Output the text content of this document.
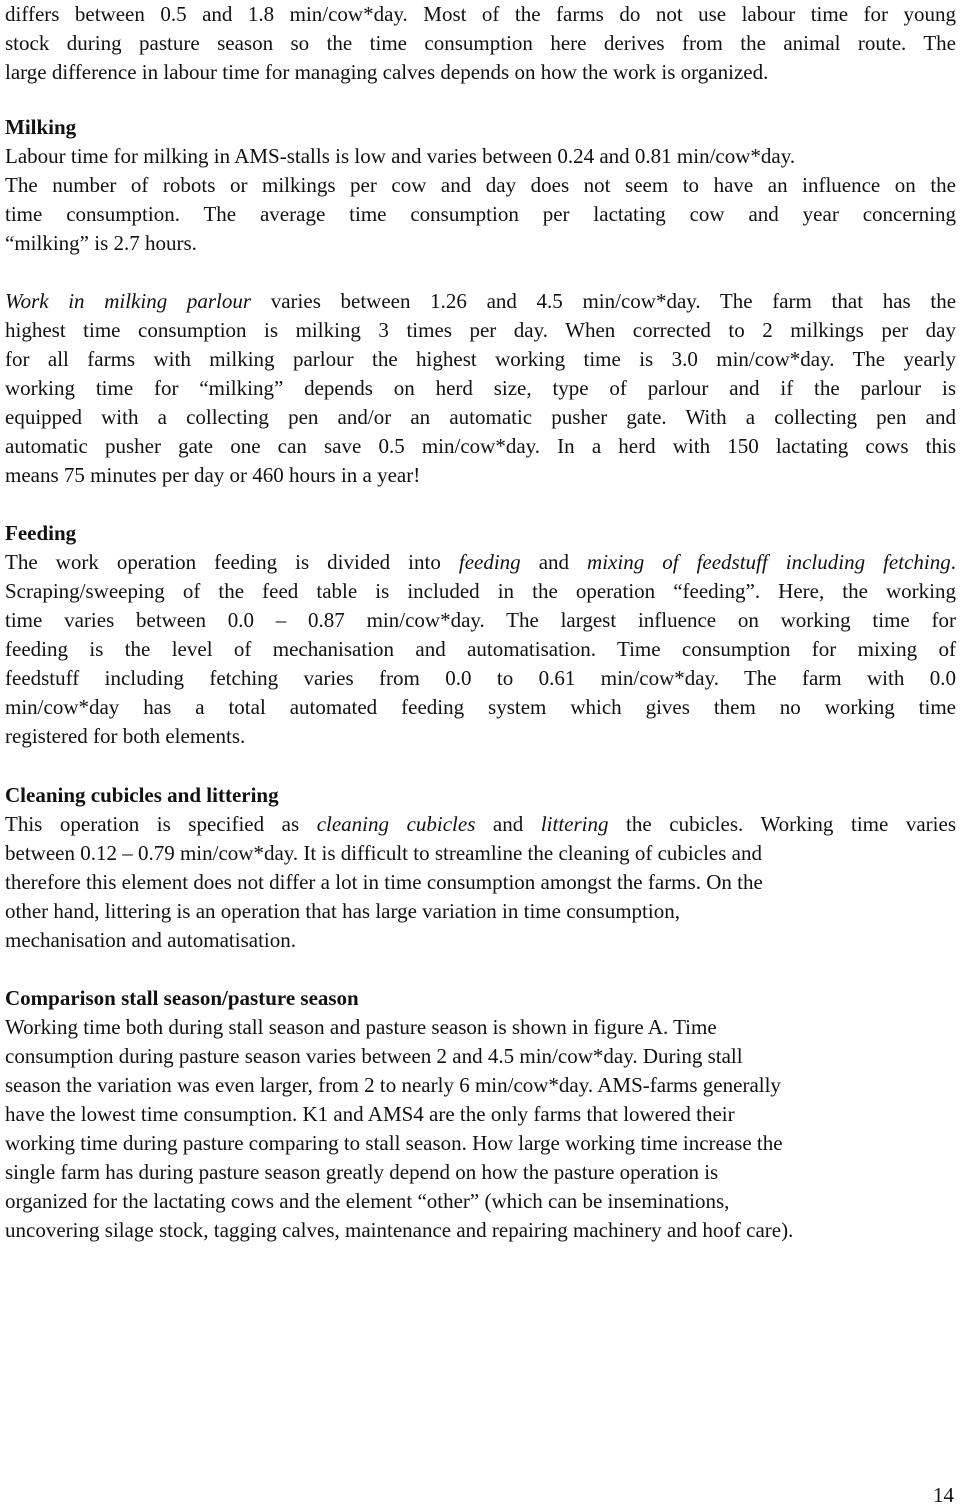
differs between 0.5 and 1.8 min/cow*day. Most of the farms do not use labour time for young
stock during pasture season so the time consumption here derives from the animal route. The
large difference in labour time for managing calves depends on how the work is organized.
Milking
Labour time for milking in AMS-stalls is low and varies between 0.24 and 0.81 min/cow*day.
The number of robots or milkings per cow and day does not seem to have an influence on the
time consumption. The average time consumption per lactating cow and year concerning
“milking” is 2.7 hours.
Work in milking parlour varies between 1.26 and 4.5 min/cow*day. The farm that has the
highest time consumption is milking 3 times per day. When corrected to 2 milkings per day
for all farms with milking parlour the highest working time is 3.0 min/cow*day. The yearly
working time for “milking” depends on herd size, type of parlour and if the parlour is
equipped with a collecting pen and/or an automatic pusher gate. With a collecting pen and
automatic pusher gate one can save 0.5 min/cow*day. In a herd with 150 lactating cows this
means 75 minutes per day or 460 hours in a year!
Feeding
The work operation feeding is divided into feeding and mixing of feedstuff including fetching.
Scraping/sweeping of the feed table is included in the operation “feeding”. Here, the working
time varies between 0.0 – 0.87 min/cow*day. The largest influence on working time for
feeding is the level of mechanisation and automatisation. Time consumption for mixing of
feedstuff including fetching varies from 0.0 to 0.61 min/cow*day. The farm with 0.0
min/cow*day has a total automated feeding system which gives them no working time
registered for both elements.
Cleaning cubicles and littering
This operation is specified as cleaning cubicles and littering the cubicles. Working time varies
between 0.12 – 0.79 min/cow*day. It is difficult to streamline the cleaning of cubicles and
therefore this element does not differ a lot in time consumption amongst the farms. On the
other hand, littering is an operation that has large variation in time consumption,
mechanisation and automatisation.
Comparison stall season/pasture season
Working time both during stall season and pasture season is shown in figure A. Time
consumption during pasture season varies between 2 and 4.5 min/cow*day. During stall
season the variation was even larger, from 2 to nearly 6 min/cow*day. AMS-farms generally
have the lowest time consumption. K1 and AMS4 are the only farms that lowered their
working time during pasture comparing to stall season. How large working time increase the
single farm has during pasture season greatly depend on how the pasture operation is
organized for the lactating cows and the element “other” (which can be inseminations,
uncovering silage stock, tagging calves, maintenance and repairing machinery and hoof care).
14
